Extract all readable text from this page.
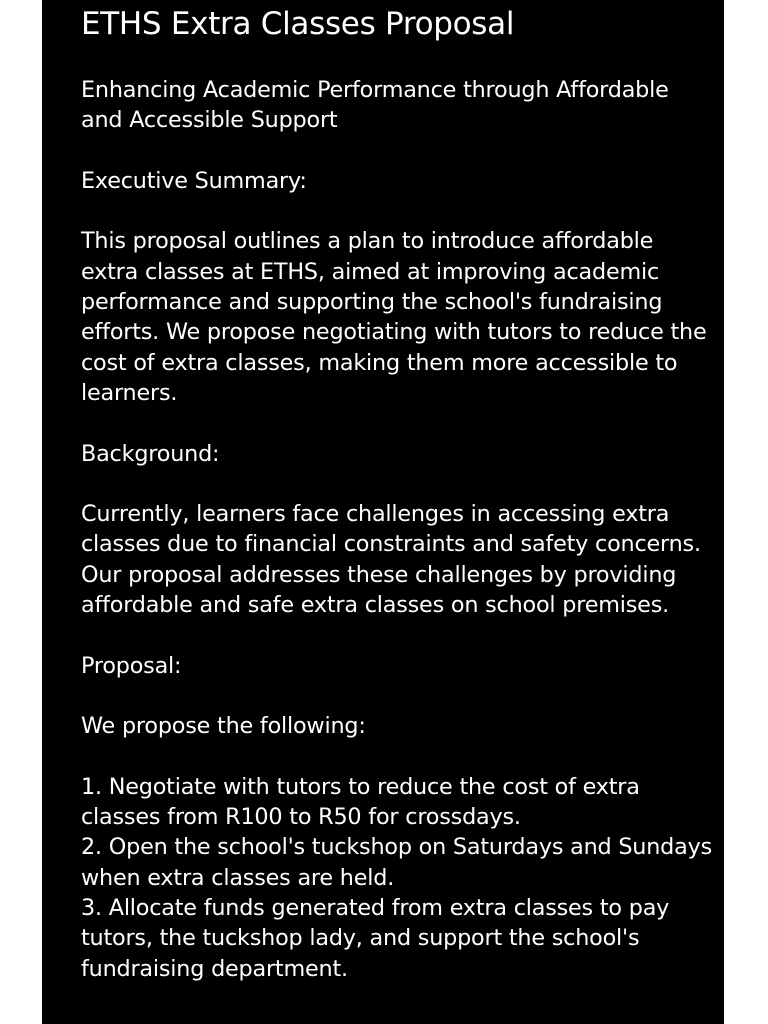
ETHS Extra Classes Proposal

Enhancing Academic Performance through Affordable and Accessible Support

Executive Summary:

This proposal outlines a plan to introduce affordable extra classes at ETHS, aimed at improving academic performance and supporting the school's fundraising efforts. We propose negotiating with tutors to reduce the cost of extra classes, making them more accessible to learners.

Background:

Currently, learners face challenges in accessing extra classes due to financial constraints and safety concerns. Our proposal addresses these challenges by providing affordable and safe extra classes on school premises.

Proposal:

We propose the following:

1. Negotiate with tutors to reduce the cost of extra classes from R100 to R50 for crossdays.

2. Open the school's tuckshop on Saturdays and Sundays when extra classes are held.

3. Allocate funds generated from extra classes to pay tutors, the tuckshop lady, and support the school's fundraising department.
